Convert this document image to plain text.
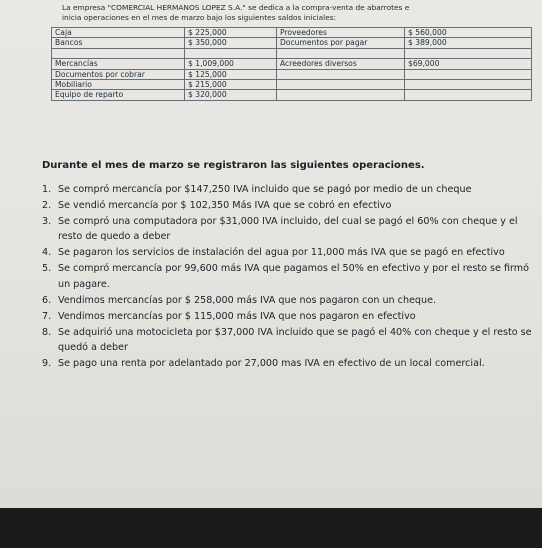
La empresa "COMERCIAL HERMANOS LOPEZ S.A." se dedica a la compra-venta de abarrotes e
inicia operaciones en el mes de marzo bajo los siguientes saldos iniciales:
Caja	$ 225,000	Proveedores	$ 560,000
Bancos	$ 350,000	Documentos por pagar	$ 389,000

Mercancías	$ 1,009,000	Acreedores diversos	$69,000
Documentos por cobrar	$ 125,000		
Mobiliario	$ 215,000		
Equipo de reparto	$ 320,000		
Durante el mes de marzo se registraron las siguientes operaciones.
1. Se compró mercancía por $147,250 IVA incluido que se pagó por medio de un cheque
2. Se vendió mercancía por $ 102,350 Más IVA que se cobró en efectivo
3. Se compró una computadora por $31,000 IVA incluido, del cual se pagó el 60% con cheque y el resto de quedo a deber
4. Se pagaron los servicios de instalación del agua por 11,000 más IVA que se pagó en efectivo
5. Se compró mercancía por 99,600 más IVA que pagamos el 50% en efectivo y por el resto se firmó un pagare.
6. Vendimos mercancías por $ 258,000 más IVA que nos pagaron con un cheque.
7. Vendimos mercancías por $ 115,000 más IVA que nos pagaron en efectivo
8. Se adquirió una motocicleta por $37,000 IVA incluido que se pagó el 40% con cheque y el resto se quedó a deber
9. Se pago una renta por adelantado por 27,000 mas IVA en efectivo de un local comercial.
